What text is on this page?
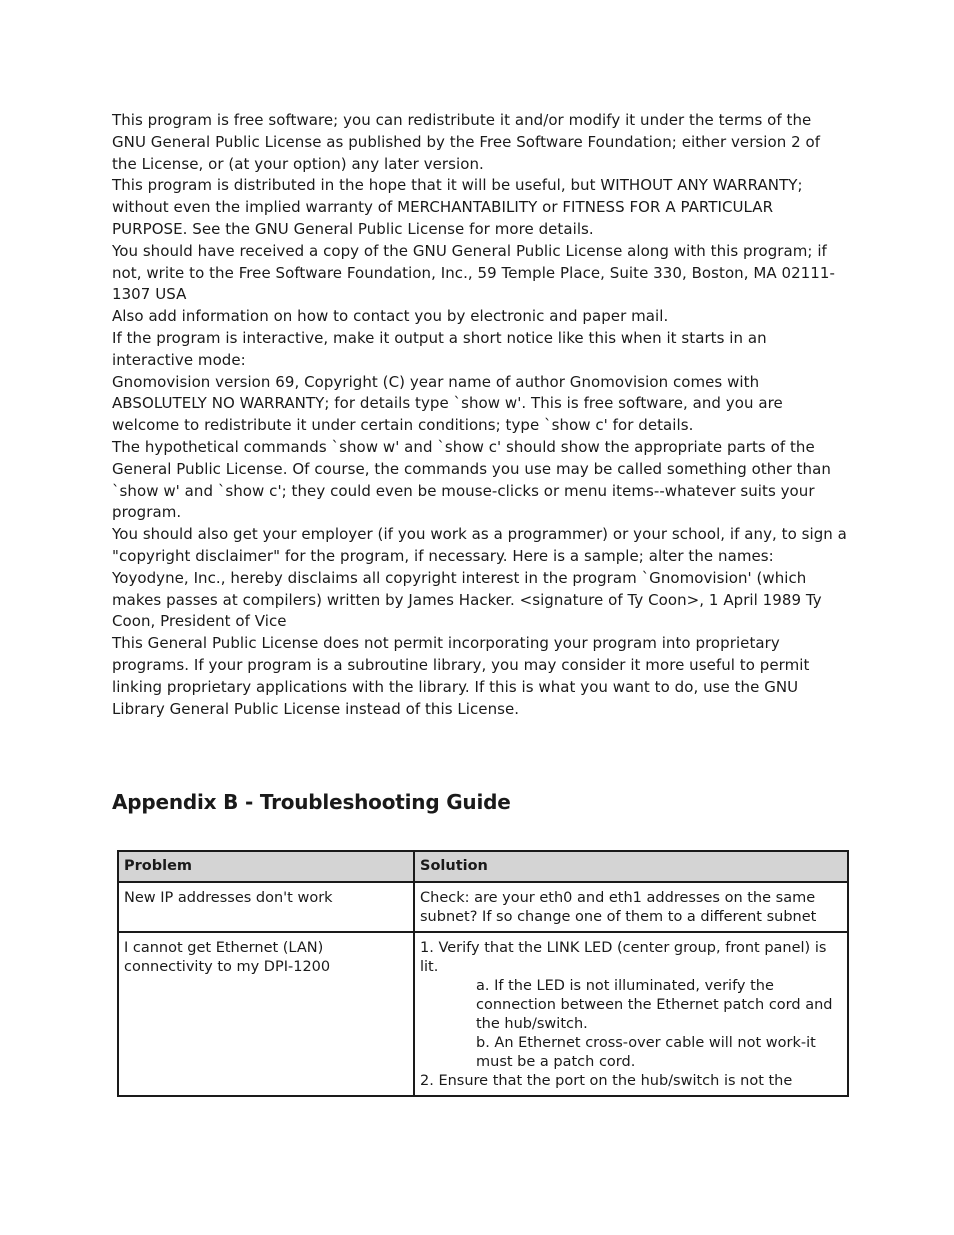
This program is free software; you can redistribute it and/or modify it under the terms of the GNU General Public License as published by the Free Software Foundation; either version 2 of the License, or (at your option) any later version.

This program is distributed in the hope that it will be useful, but WITHOUT ANY WARRANTY; without even the implied warranty of MERCHANTABILITY or FITNESS FOR A PARTICULAR PURPOSE. See the GNU General Public License for more details.

You should have received a copy of the GNU General Public License along with this program; if not, write to the Free Software Foundation, Inc., 59 Temple Place, Suite 330, Boston, MA 02111-1307 USA

Also add information on how to contact you by electronic and paper mail.

If the program is interactive, make it output a short notice like this when it starts in an interactive mode:

Gnomovision version 69, Copyright (C) year name of author Gnomovision comes with ABSOLUTELY NO WARRANTY; for details type `show w'. This is free software, and you are welcome to redistribute it under certain conditions; type `show c' for details.

The hypothetical commands `show w' and `show c' should show the appropriate parts of the General Public License. Of course, the commands you use may be called something other than `show w' and `show c'; they could even be mouse-clicks or menu items--whatever suits your program.

You should also get your employer (if you work as a programmer) or your school, if any, to sign a "copyright disclaimer" for the program, if necessary. Here is a sample; alter the names:

Yoyodyne, Inc., hereby disclaims all copyright interest in the program `Gnomovision' (which makes passes at compilers) written by James Hacker. <signature of Ty Coon>, 1 April 1989 Ty Coon, President of Vice

This General Public License does not permit incorporating your program into proprietary programs. If your program is a subroutine library, you may consider it more useful to permit linking proprietary applications with the library. If this is what you want to do, use the GNU Library General Public License instead of this License.

Appendix B - Troubleshooting Guide
Problem	Solution
New IP addresses don't work	Check: are your eth0 and eth1 addresses on the same subnet? If so change one of them to a different subnet
I cannot get Ethernet (LAN) connectivity to my DPI-1200	1. Verify that the LINK LED (center group, front panel) is lit.
a. If the LED is not illuminated, verify the connection between the Ethernet patch cord and the hub/switch.
b. An Ethernet cross-over cable will not work-it must be a patch cord.
2. Ensure that the port on the hub/switch is not the
